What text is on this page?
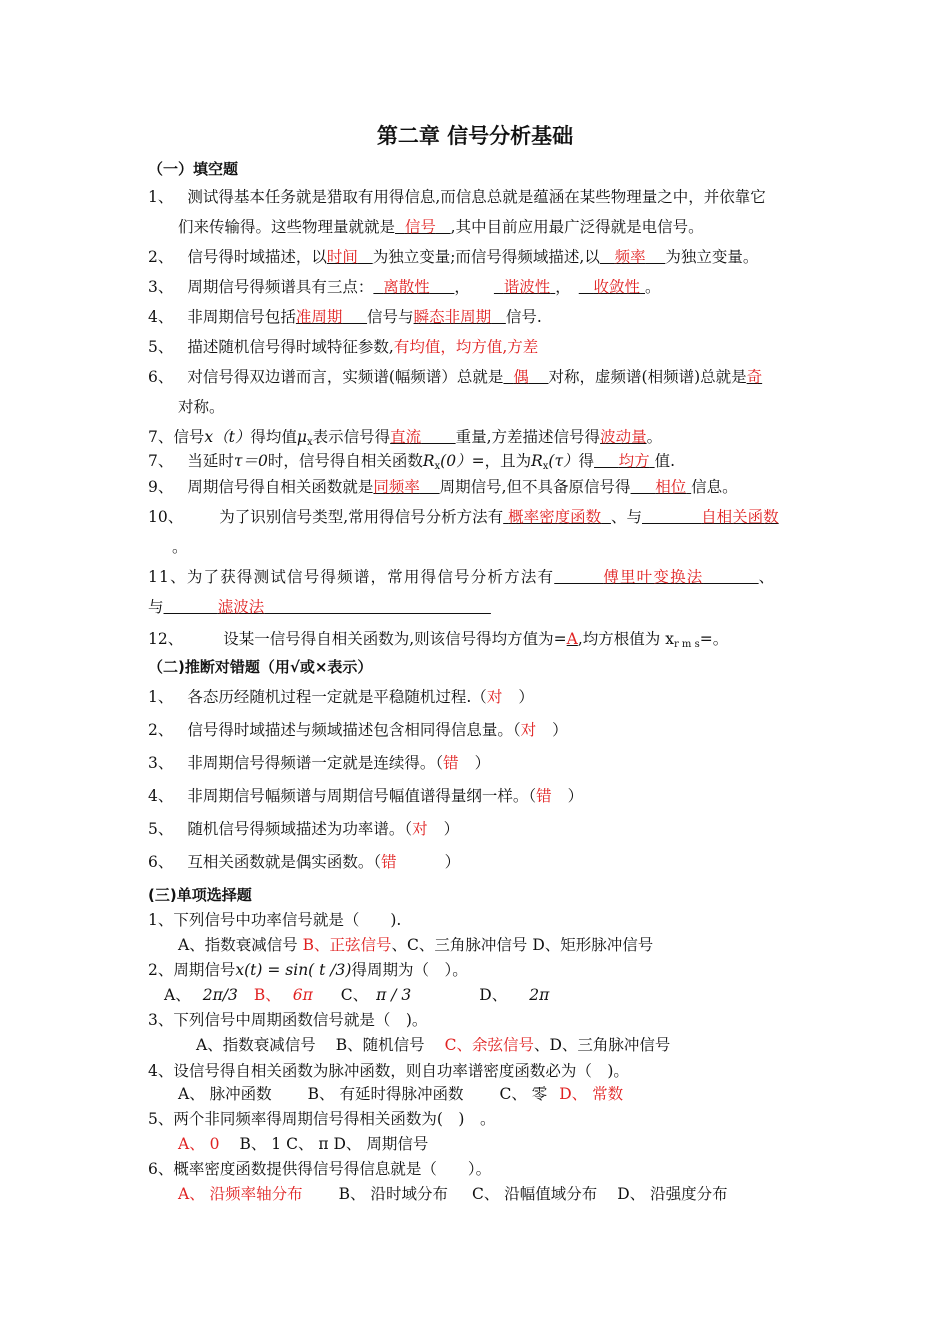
第二章 信号分析基础
（一）填空题
1、 测试得基本任务就是猎取有用得信息,而信息总就是蕴涵在某些物理量之中，并依靠它
们来传输得。这些物理量就就是 信号 ,其中目前应用最广泛得就是电信号。
2、 信号得时域描述，以时间 为独立变量;而信号得频域描述,以 频率 为独立变量。
3、 周期信号得频谱具有三点： 离散性 ， 谐波性 ， 收敛性 。
4、 非周期信号包括准周期 信号与瞬态非周期 信号.
5、 描述随机信号得时域特征参数,有均值，均方值,方差
6、 对信号得双边谱而言，实频谱(幅频谱）总就是 偶 对称，虚频谱(相频谱)总就是奇
对称。
7、信号x（t）得均值$\mu_x$表示信号得直流 重量,方差描述信号得波动量。
7、 当延时τ＝0时，信号得自相关函数$R_x(0)=$，且为$R_x(\tau)$得 均方 值.
9、 周期信号得自相关函数就是同频率 周期信号,但不具备原信号得 相位 信息。
10、 为了识别信号类型,常用得信号分析方法有 概率密度函数 、与	自相关函数
。
11、为了获得测试信号得频谱，常用得信号分析方法有	傅里叶变换法	、
与	滤波法
12、	设某一信号得自相关函数为,则该信号得均方值为=A,均方根值为 $x_{r m s}=$。
（二)推断对错题（用√或×表示）
1、 各态历经随机过程一定就是平稳随机过程.（对 ）
2、 信号得时域描述与频域描述包含相同得信息量。（对 ）
3、 非周期信号得频谱一定就是连续得。（错 ）
4、 非周期信号幅频谱与周期信号幅值谱得量纲一样。（错 ）
5、 随机信号得频域描述为功率谱。（对 ）
6、 互相关函数就是偶实函数。（错	）
(三)单项选择题
1、下列信号中功率信号就是（　　).
A、指数衰减信号 B、正弦信号、C、三角脉冲信号 D、矩形脉冲信号
2、周期信号x(t) = sin( t ∕3)得周期为（　）。
A、 2π/3 B、 6π C、 π / 3	D、 2π
3、下列信号中周期函数信号就是（　)。
A、指数衰减信号 B、随机信号 C、余弦信号、D、三角脉冲信号
4、设信号得自相关函数为脉冲函数，则自功率谱密度函数必为（　)。
A、 脉冲函数 B、 有延时得脉冲函数 C、 零 D、 常数
5、两个非同频率得周期信号得相关函数为(　)　。
A、 0 B、 1 C、 π D、 周期信号
6、概率密度函数提供得信号得信息就是（　　）。
A、 沿频率轴分布 B、 沿时域分布 C、 沿幅值域分布 D、 沿强度分布
